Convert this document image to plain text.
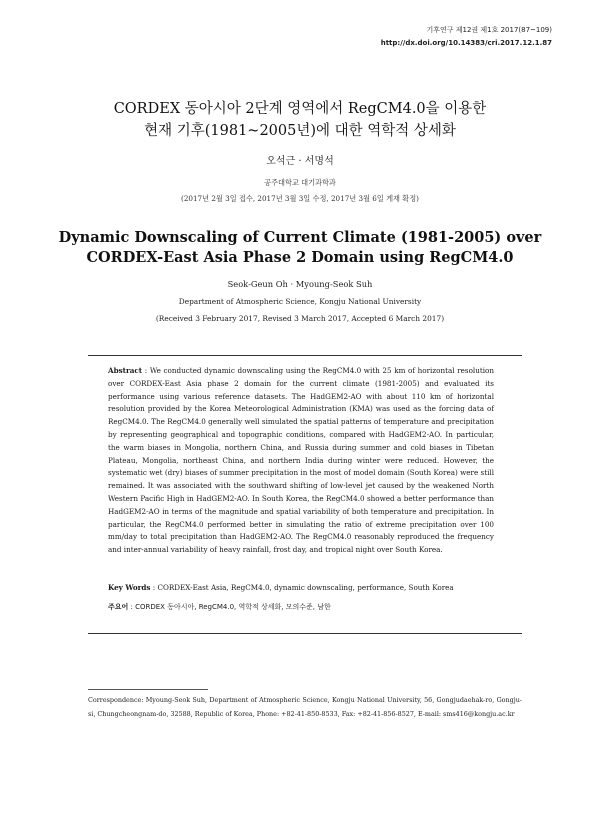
기후연구 제12권 제1호 2017(87~109)
http://dx.doi.org/10.14383/cri.2017.12.1.87
CORDEX 동아시아 2단계 영역에서 RegCM4.0을 이용한
현재 기후(1981~2005년)에 대한 역학적 상세화
오석근 · 서명석
공주대학교 대기과학과
(2017년 2월 3일 접수, 2017년 3월 3일 수정, 2017년 3월 6일 게재 확정)
Dynamic Downscaling of Current Climate (1981-2005) over
CORDEX-East Asia Phase 2 Domain using RegCM4.0
Seok-Geun Oh · Myoung-Seok Suh
Department of Atmospheric Science, Kongju National University
(Received 3 February 2017, Revised 3 March 2017, Accepted 6 March 2017)
Abstract : We conducted dynamic downscaling using the RegCM4.0 with 25 km of horizontal resolution over CORDEX-East Asia phase 2 domain for the current climate (1981-2005) and evaluated its performance using various reference datasets. The HadGEM2-AO with about 110 km of horizontal resolution provided by the Korea Meteorological Administration (KMA) was used as the forcing data of RegCM4.0. The RegCM4.0 generally well simulated the spatial patterns of temperature and precipitation by representing geographical and topographic conditions, compared with HadGEM2-AO. In particular, the warm biases in Mongolia, northern China, and Russia during summer and cold biases in Tibetan Plateau, Mongolia, northeast China, and northern India during winter were reduced. However, the systematic wet (dry) biases of summer precipitation in the most of model domain (South Korea) were still remained. It was associated with the southward shifting of low-level jet caused by the weakened North Western Pacific High in HadGEM2-AO. In South Korea, the RegCM4.0 showed a better performance than HadGEM2-AO in terms of the magnitude and spatial variability of both temperature and precipitation. In particular, the RegCM4.0 performed better in simulating the ratio of extreme precipitation over 100 mm/day to total precipitation than HadGEM2-AO. The RegCM4.0 reasonably reproduced the frequency and inter-annual variability of heavy rainfall, frost day, and tropical night over South Korea.
Key Words : CORDEX-East Asia, RegCM4.0, dynamic downscaling, performance, South Korea
주요어 : CORDEX 동아시아, RegCM4.0, 역학적 상세화, 모의수준, 남한
Correspondence: Myoung-Seok Suh, Department of Atmospheric Science, Kongju National University, 56, Gongjudaehak-ro, Gongju-si, Chungcheongnam-do, 32588, Republic of Korea, Phone: +82-41-850-8533, Fax: +82-41-856-8527, E-mail: sms416@kongju.ac.kr
